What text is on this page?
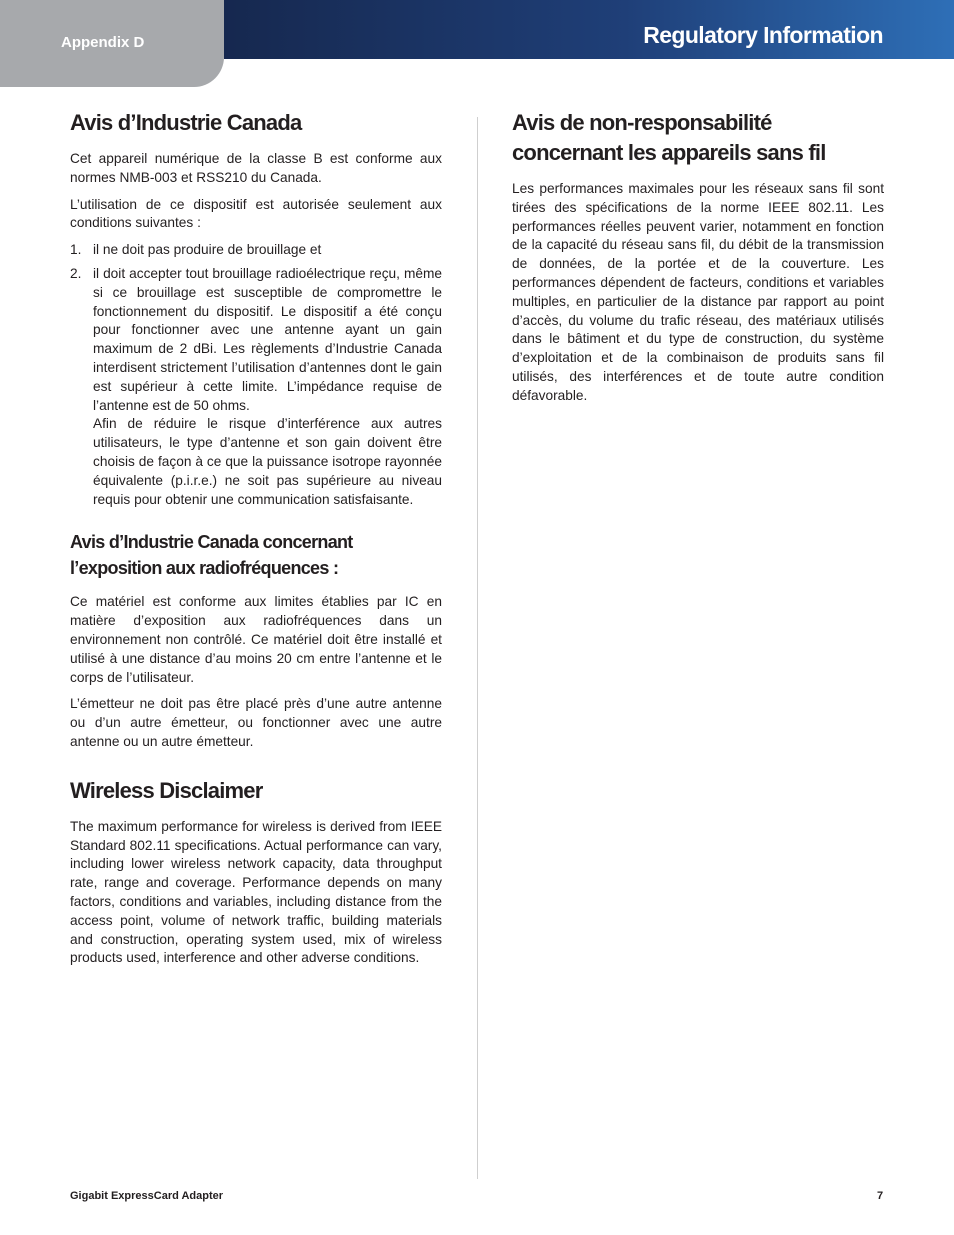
Appendix D	Regulatory Information
Avis d’Industrie Canada

Cet appareil numérique de la classe B est conforme aux normes NMB-003 et RSS210 du Canada.

L’utilisation de ce dispositif est autorisée seulement aux conditions suivantes :

1. il ne doit pas produire de brouillage et
2. il doit accepter tout brouillage radioélectrique reçu, même si ce brouillage est susceptible de compromettre le fonctionnement du dispositif. Le dispositif a été conçu pour fonctionner avec une antenne ayant un gain maximum de 2 dBi. Les règlements d’Industrie Canada interdisent strictement l’utilisation d’antennes dont le gain est supérieur à cette limite. L’impédance requise de l’antenne est de 50 ohms.
Afin de réduire le risque d’interférence aux autres utilisateurs, le type d’antenne et son gain doivent être choisis de façon à ce que la puissance isotrope rayonnée équivalente (p.i.r.e.) ne soit pas supérieure au niveau requis pour obtenir une communication satisfaisante.
Avis d’Industrie Canada concernant l’exposition aux radiofréquences :

Ce matériel est conforme aux limites établies par IC en matière d’exposition aux radiofréquences dans un environnement non contrôlé. Ce matériel doit être installé et utilisé à une distance d’au moins 20 cm entre l’antenne et le corps de l’utilisateur.

L’émetteur ne doit pas être placé près d’une autre antenne ou d’un autre émetteur, ou fonctionner avec une autre antenne ou un autre émetteur.

Wireless Disclaimer

The maximum performance for wireless is derived from IEEE Standard 802.11 specifications. Actual performance can vary, including lower wireless network capacity, data throughput rate, range and coverage. Performance depends on many factors, conditions and variables, including distance from the access point, volume of network traffic, building materials and construction, operating system used, mix of wireless products used, interference and other adverse conditions.

Avis de non-responsabilité concernant les appareils sans fil

Les performances maximales pour les réseaux sans fil sont tirées des spécifications de la norme IEEE 802.11. Les performances réelles peuvent varier, notamment en fonction de la capacité du réseau sans fil, du débit de la transmission de données, de la portée et de la couverture. Les performances dépendent de facteurs, conditions et variables multiples, en particulier de la distance par rapport au point d’accès, du volume du trafic réseau, des matériaux utilisés dans le bâtiment et du type de construction, du système d’exploitation et de la combinaison de produits sans fil utilisés, des interférences et de toute autre condition défavorable.

Gigabit ExpressCard Adapter	7
